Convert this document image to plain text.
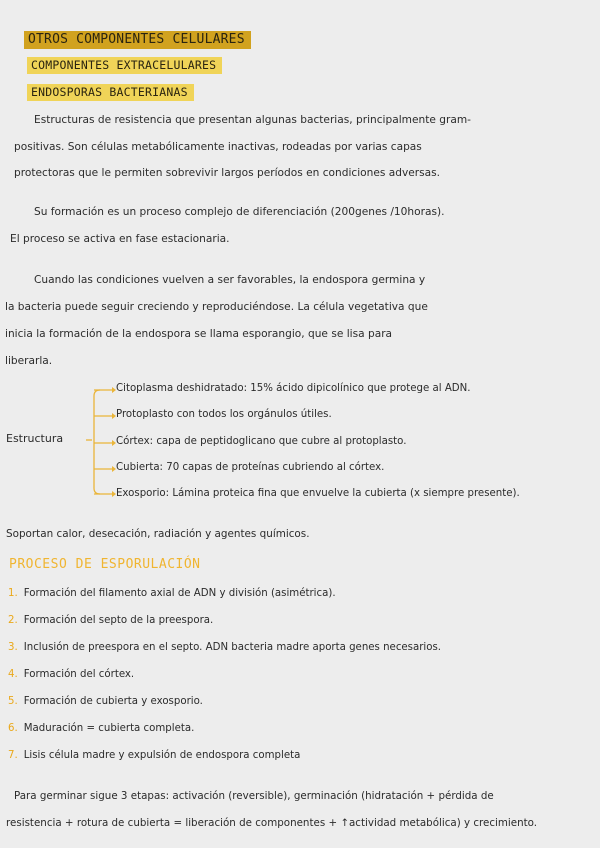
OTROS COMPONENTES CELULARES
COMPONENTES EXTRACELULARES
ENDOSPORAS BACTERIANAS
Estructuras de resistencia que presentan algunas bacterias, principalmente gram-
positivas. Son células metabólicamente inactivas, rodeadas por varias capas
protectoras que le permiten sobrevivir largos períodos en condiciones adversas.
Su formación es un proceso complejo de diferenciación (200genes /10horas).
El proceso se activa en fase estacionaria.
Cuando las condiciones vuelven a ser favorables, la endospora germina y
la bacteria puede seguir creciendo y reproduciéndose. La célula vegetativa que
inicia la formación de la endospora se llama esporangio, que se lisa para
liberarla.
Estructura
Citoplasma deshidratado: 15% ácido dipicolínico que protege al ADN.
Protoplasto con todos los orgánulos útiles.
Córtex: capa de peptidoglicano que cubre al protoplasto.
Cubierta: 70 capas de proteínas cubriendo al córtex.
Exosporio: Lámina proteica fina que envuelve la cubierta (x siempre presente).
Soportan calor, desecación, radiación y agentes químicos.
PROCESO DE ESPORULACIÓN
1. Formación del filamento axial de ADN y división (asimétrica).
2. Formación del septo de la preespora.
3. Inclusión de preespora en el septo. ADN bacteria madre aporta genes necesarios.
4. Formación del córtex.
5. Formación de cubierta y exosporio.
6. Maduración = cubierta completa.
7. Lisis célula madre y expulsión de endospora completa
Para germinar sigue 3 etapas: activación (reversible), germinación (hidratación + pérdida de
resistencia + rotura de cubierta = liberación de componentes + ↑actividad metabólica) y crecimiento.
